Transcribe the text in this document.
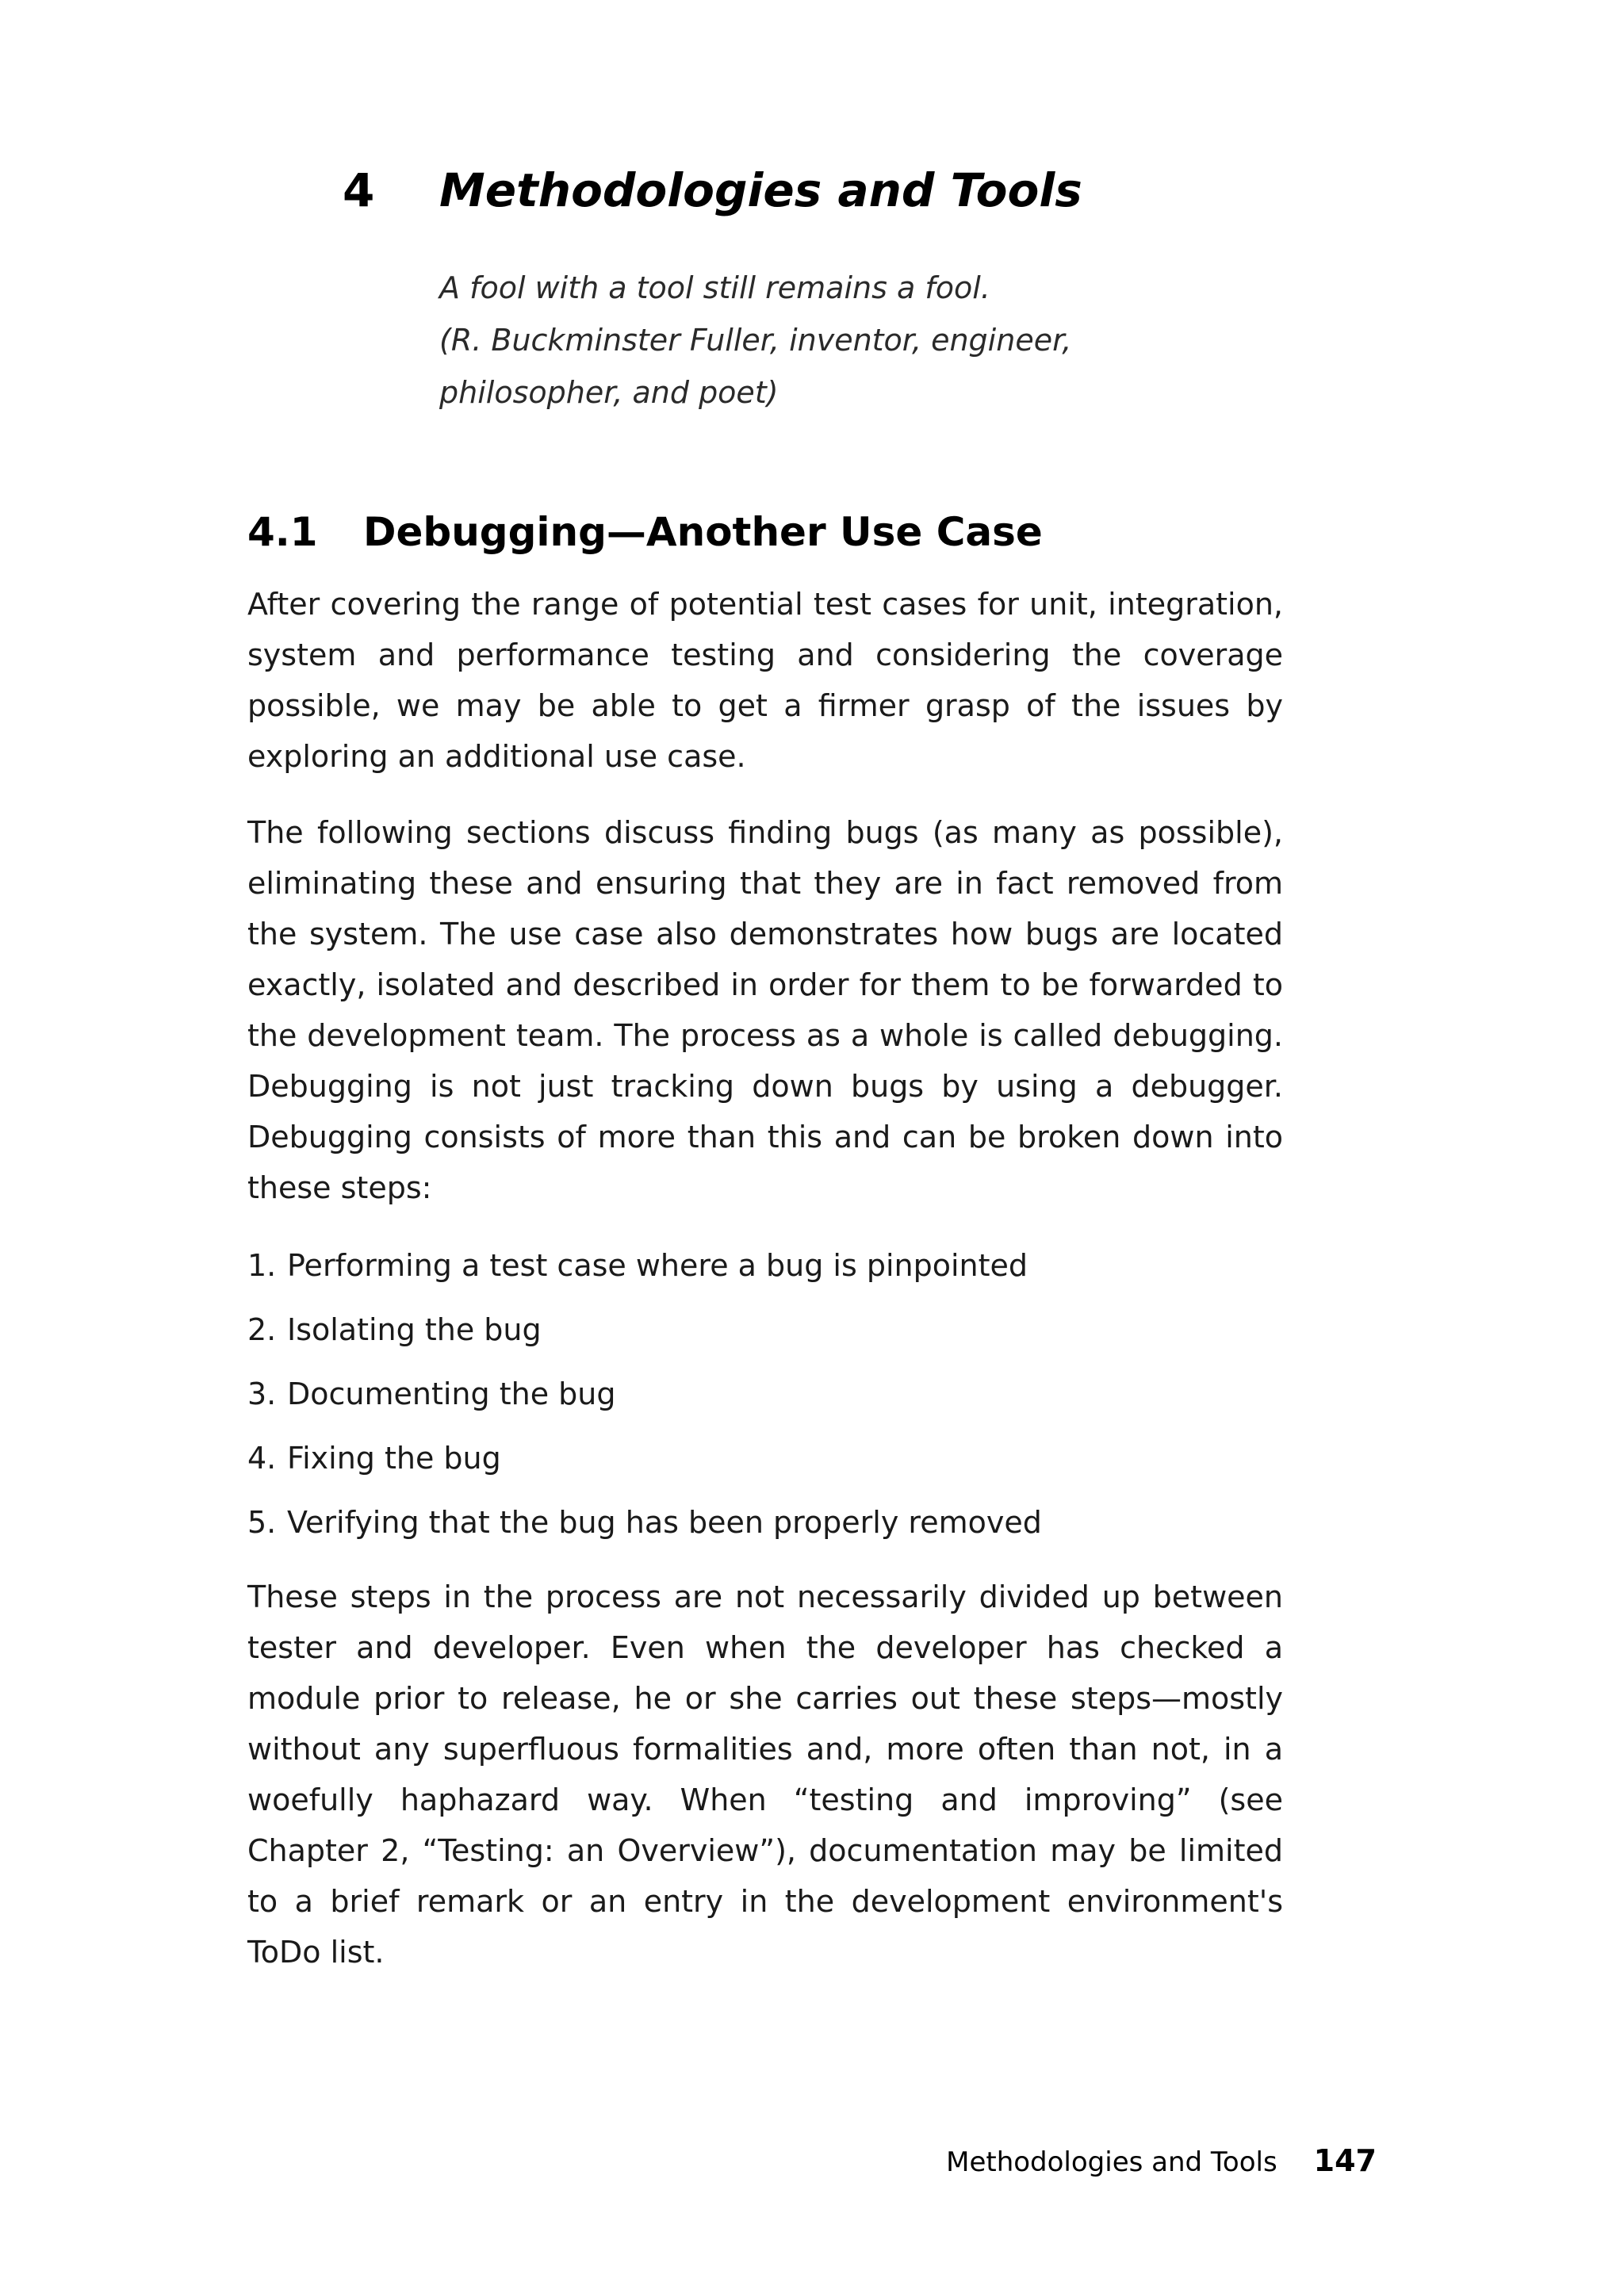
4	Methodologies and Tools
A fool with a tool still remains a fool.
(R. Buckminster Fuller, inventor, engineer,
philosopher, and poet)
4.1	Debugging—Another Use Case

After covering the range of potential test cases for unit, integration, system and performance testing and considering the coverage possible, we may be able to get a firmer grasp of the issues by exploring an additional use case.

The following sections discuss finding bugs (as many as possible), eliminating these and ensuring that they are in fact removed from the system. The use case also demonstrates how bugs are located exactly, isolated and described in order for them to be forwarded to the development team. The process as a whole is called debugging. Debugging is not just tracking down bugs by using a debugger. Debugging consists of more than this and can be broken down into these steps:

1. Performing a test case where a bug is pinpointed
2. Isolating the bug
3. Documenting the bug
4. Fixing the bug
5. Verifying that the bug has been properly removed

These steps in the process are not necessarily divided up between tester and developer. Even when the developer has checked a module prior to release, he or she carries out these steps—mostly without any superfluous formalities and, more often than not, in a woefully haphazard way. When “testing and improving” (see Chapter 2, “Testing: an Overview”), documentation may be limited to a brief remark or an entry in the development environment's ToDo list.

Methodologies and Tools 147
